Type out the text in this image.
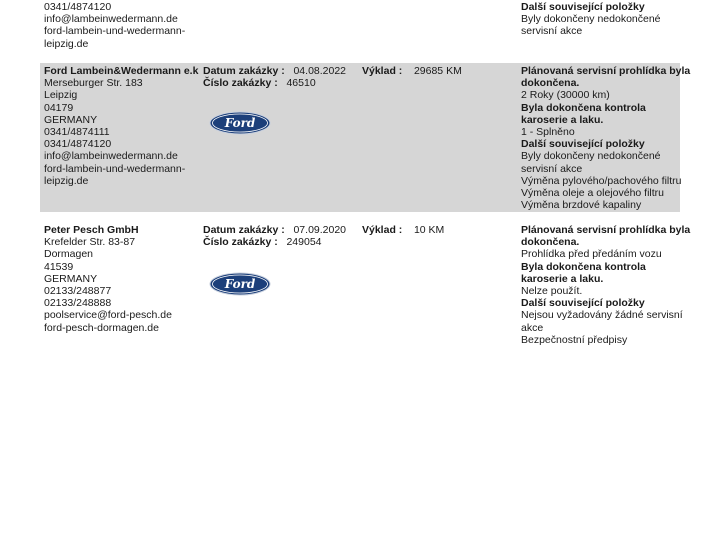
0341/4874120
info@lambeinwedermann.de
ford-lambein-und-wedermann-
leipzig.de
Další související položky
Byly dokončeny nedokončené
servisní akce
Ford Lambein&Wedermann e.k
Merseburger Str. 183
Leipzig
04179
GERMANY
0341/4874111
0341/4874120
info@lambeinwedermann.de
ford-lambein-und-wedermann-
leipzig.de
Datum zakázky : 04.08.2022
Číslo zakázky : 46510
Ford
Výklad : 29685 KM	Plánovaná servisní prohlídka byla
dokončena.
2 Roky (30000 km)
Byla dokončena kontrola
karoserie a laku.
1 - Splněno
Další související položky
Byly dokončeny nedokončené
servisní akce
Výměna pylového/pachového filtru
Výměna oleje a olejového filtru
Výměna brzdové kapaliny
Peter Pesch GmbH
Krefelder Str. 83-87
Dormagen
41539
GERMANY
02133/248877
02133/248888
poolservice@ford-pesch.de
ford-pesch-dormagen.de
Datum zakázky : 07.09.2020
Číslo zakázky : 249054
Ford
Výklad : 10 KM	Plánovaná servisní prohlídka byla
dokončena.
Prohlídka před předáním vozu
Byla dokončena kontrola
karoserie a laku.
Nelze použít.
Další související položky
Nejsou vyžadovány žádné servisní
akce
Bezpečnostní předpisy
